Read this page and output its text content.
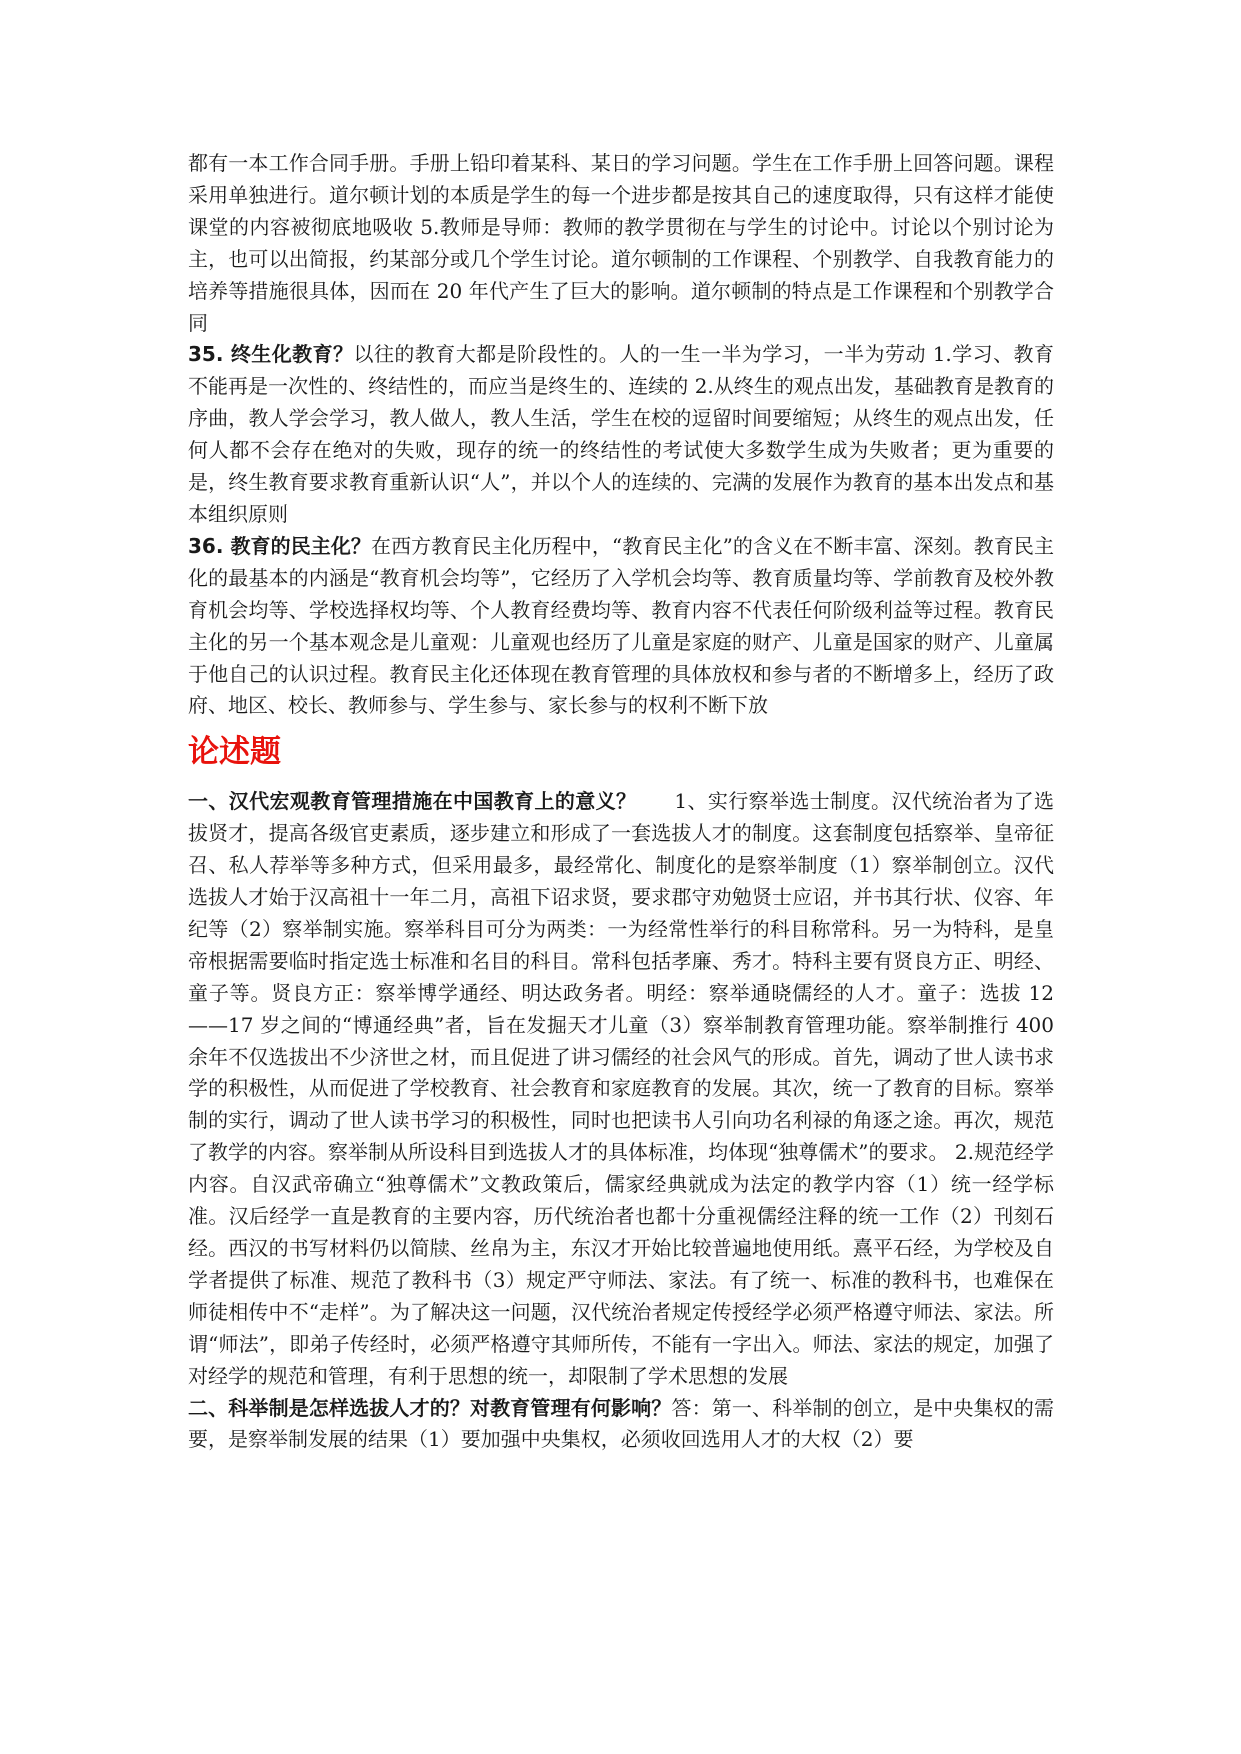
都有一本工作合同手册。手册上铅印着某科、某日的学习问题。学生在工作手册上回答问题。课程采用单独进行。道尔顿计划的本质是学生的每一个进步都是按其自己的速度取得，只有这样才能使课堂的内容被彻底地吸收 5.教师是导师：教师的教学贯彻在与学生的讨论中。讨论以个别讨论为主，也可以出简报，约某部分或几个学生讨论。道尔顿制的工作课程、个别教学、自我教育能力的培养等措施很具体，因而在 20 年代产生了巨大的影响。道尔顿制的特点是工作课程和个别教学合同

35. 终生化教育？以往的教育大都是阶段性的。人的一生一半为学习，一半为劳动 1.学习、教育不能再是一次性的、终结性的，而应当是终生的、连续的 2.从终生的观点出发，基础教育是教育的序曲，教人学会学习，教人做人，教人生活，学生在校的逗留时间要缩短；从终生的观点出发，任何人都不会存在绝对的失败，现存的统一的终结性的考试使大多数学生成为失败者；更为重要的是，终生教育要求教育重新认识“人”，并以个人的连续的、完满的发展作为教育的基本出发点和基本组织原则

36. 教育的民主化？在西方教育民主化历程中，“教育民主化”的含义在不断丰富、深刻。教育民主化的最基本的内涵是“教育机会均等”，它经历了入学机会均等、教育质量均等、学前教育及校外教育机会均等、学校选择权均等、个人教育经费均等、教育内容不代表任何阶级利益等过程。教育民主化的另一个基本观念是儿童观：儿童观也经历了儿童是家庭的财产、儿童是国家的财产、儿童属于他自己的认识过程。教育民主化还体现在教育管理的具体放权和参与者的不断增多上，经历了政府、地区、校长、教师参与、学生参与、家长参与的权利不断下放

论述题

一、汉代宏观教育管理措施在中国教育上的意义？ 1、实行察举选士制度。汉代统治者为了选拔贤才，提高各级官吏素质，逐步建立和形成了一套选拔人才的制度。这套制度包括察举、皇帝征召、私人荐举等多种方式，但采用最多，最经常化、制度化的是察举制度（1）察举制创立。汉代选拔人才始于汉高祖十一年二月，高祖下诏求贤，要求郡守劝勉贤士应诏，并书其行状、仪容、年纪等（2）察举制实施。察举科目可分为两类：一为经常性举行的科目称常科。另一为特科，是皇帝根据需要临时指定选士标准和名目的科目。常科包括孝廉、秀才。特科主要有贤良方正、明经、童子等。贤良方正：察举博学通经、明达政务者。明经：察举通晓儒经的人才。童子：选拔 12——17 岁之间的“博通经典”者，旨在发掘天才儿童（3）察举制教育管理功能。察举制推行 400 余年不仅选拔出不少济世之材，而且促进了讲习儒经的社会风气的形成。首先，调动了世人读书求学的积极性，从而促进了学校教育、社会教育和家庭教育的发展。其次，统一了教育的目标。察举制的实行，调动了世人读书学习的积极性，同时也把读书人引向功名利禄的角逐之途。再次，规范了教学的内容。察举制从所设科目到选拔人才的具体标准，均体现“独尊儒术”的要求。 2.规范经学内容。自汉武帝确立“独尊儒术”文教政策后，儒家经典就成为法定的教学内容（1）统一经学标准。汉后经学一直是教育的主要内容，历代统治者也都十分重视儒经注释的统一工作（2）刊刻石经。西汉的书写材料仍以简牍、丝帛为主，东汉才开始比较普遍地使用纸。熹平石经，为学校及自学者提供了标准、规范了教科书（3）规定严守师法、家法。有了统一、标准的教科书，也难保在师徒相传中不“走样”。为了解决这一问题，汉代统治者规定传授经学必须严格遵守师法、家法。所谓“师法”，即弟子传经时，必须严格遵守其师所传，不能有一字出入。师法、家法的规定，加强了对经学的规范和管理，有利于思想的统一，却限制了学术思想的发展

二、科举制是怎样选拔人才的？对教育管理有何影响？答：第一、科举制的创立，是中央集权的需要，是察举制发展的结果（1）要加强中央集权，必须收回选用人才的大权（2）要
